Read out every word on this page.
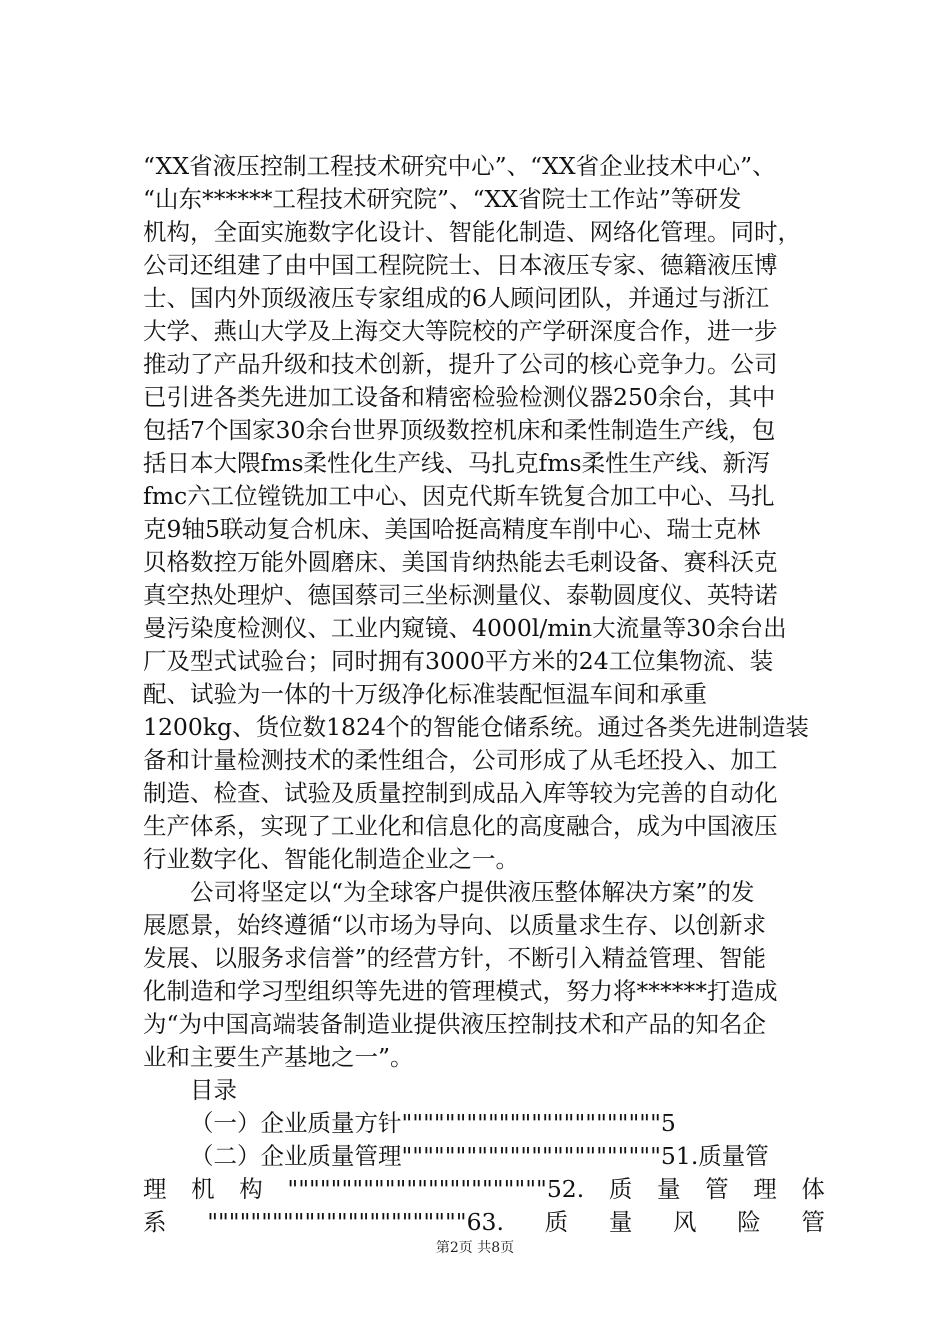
“XX省液压控制工程技术研究中心”、“XX省企业技术中心”、
“山东******工程技术研究院”、“XX省院士工作站”等研发
机构，全面实施数字化设计、智能化制造、网络化管理。同时，
公司还组建了由中国工程院院士、日本液压专家、德籍液压博
士、国内外顶级液压专家组成的6人顾问团队，并通过与浙江
大学、燕山大学及上海交大等院校的产学研深度合作，进一步
推动了产品升级和技术创新，提升了公司的核心竞争力。公司
已引进各类先进加工设备和精密检验检测仪器250余台，其中
包括7个国家30余台世界顶级数控机床和柔性制造生产线，包
括日本大隈fms柔性化生产线、马扎克fms柔性生产线、新泻
fmc六工位镗铣加工中心、因克代斯车铣复合加工中心、马扎
克9轴5联动复合机床、美国哈挺高精度车削中心、瑞士克林
贝格数控万能外圆磨床、美国肯纳热能去毛刺设备、赛科沃克
真空热处理炉、德国蔡司三坐标测量仪、泰勒圆度仪、英特诺
曼污染度检测仪、工业内窥镜、4000l/min大流量等30余台出
厂及型式试验台；同时拥有3000平方米的24工位集物流、装
配、试验为一体的十万级净化标准装配恒温车间和承重
1200kg、货位数1824个的智能仓储系统。通过各类先进制造装
备和计量检测技术的柔性组合，公司形成了从毛坯投入、加工
制造、检查、试验及质量控制到成品入库等较为完善的自动化
生产体系，实现了工业化和信息化的高度融合，成为中国液压
行业数字化、智能化制造企业之一。
公司将坚定以“为全球客户提供液压整体解决方案”的发
展愿景，始终遵循“以市场为导向、以质量求生存、以创新求
发展、以服务求信誉”的经营方针，不断引入精益管理、智能
化制造和学习型组织等先进的管理模式，努力将******打造成
为“为中国高端装备制造业提供液压控制技术和产品的知名企
业和主要生产基地之一”。
目录
（一）企业质量方针""""""""""""""""""""""""5
（二）企业质量管理""""""""""""""""""""""""51.质量管
理 机 构 """"""""""""""""""""""""52. 质 量 管 理 体
系 """"""""""""""""""""""""63. 质 量 风 险 管
第2页 共8页
